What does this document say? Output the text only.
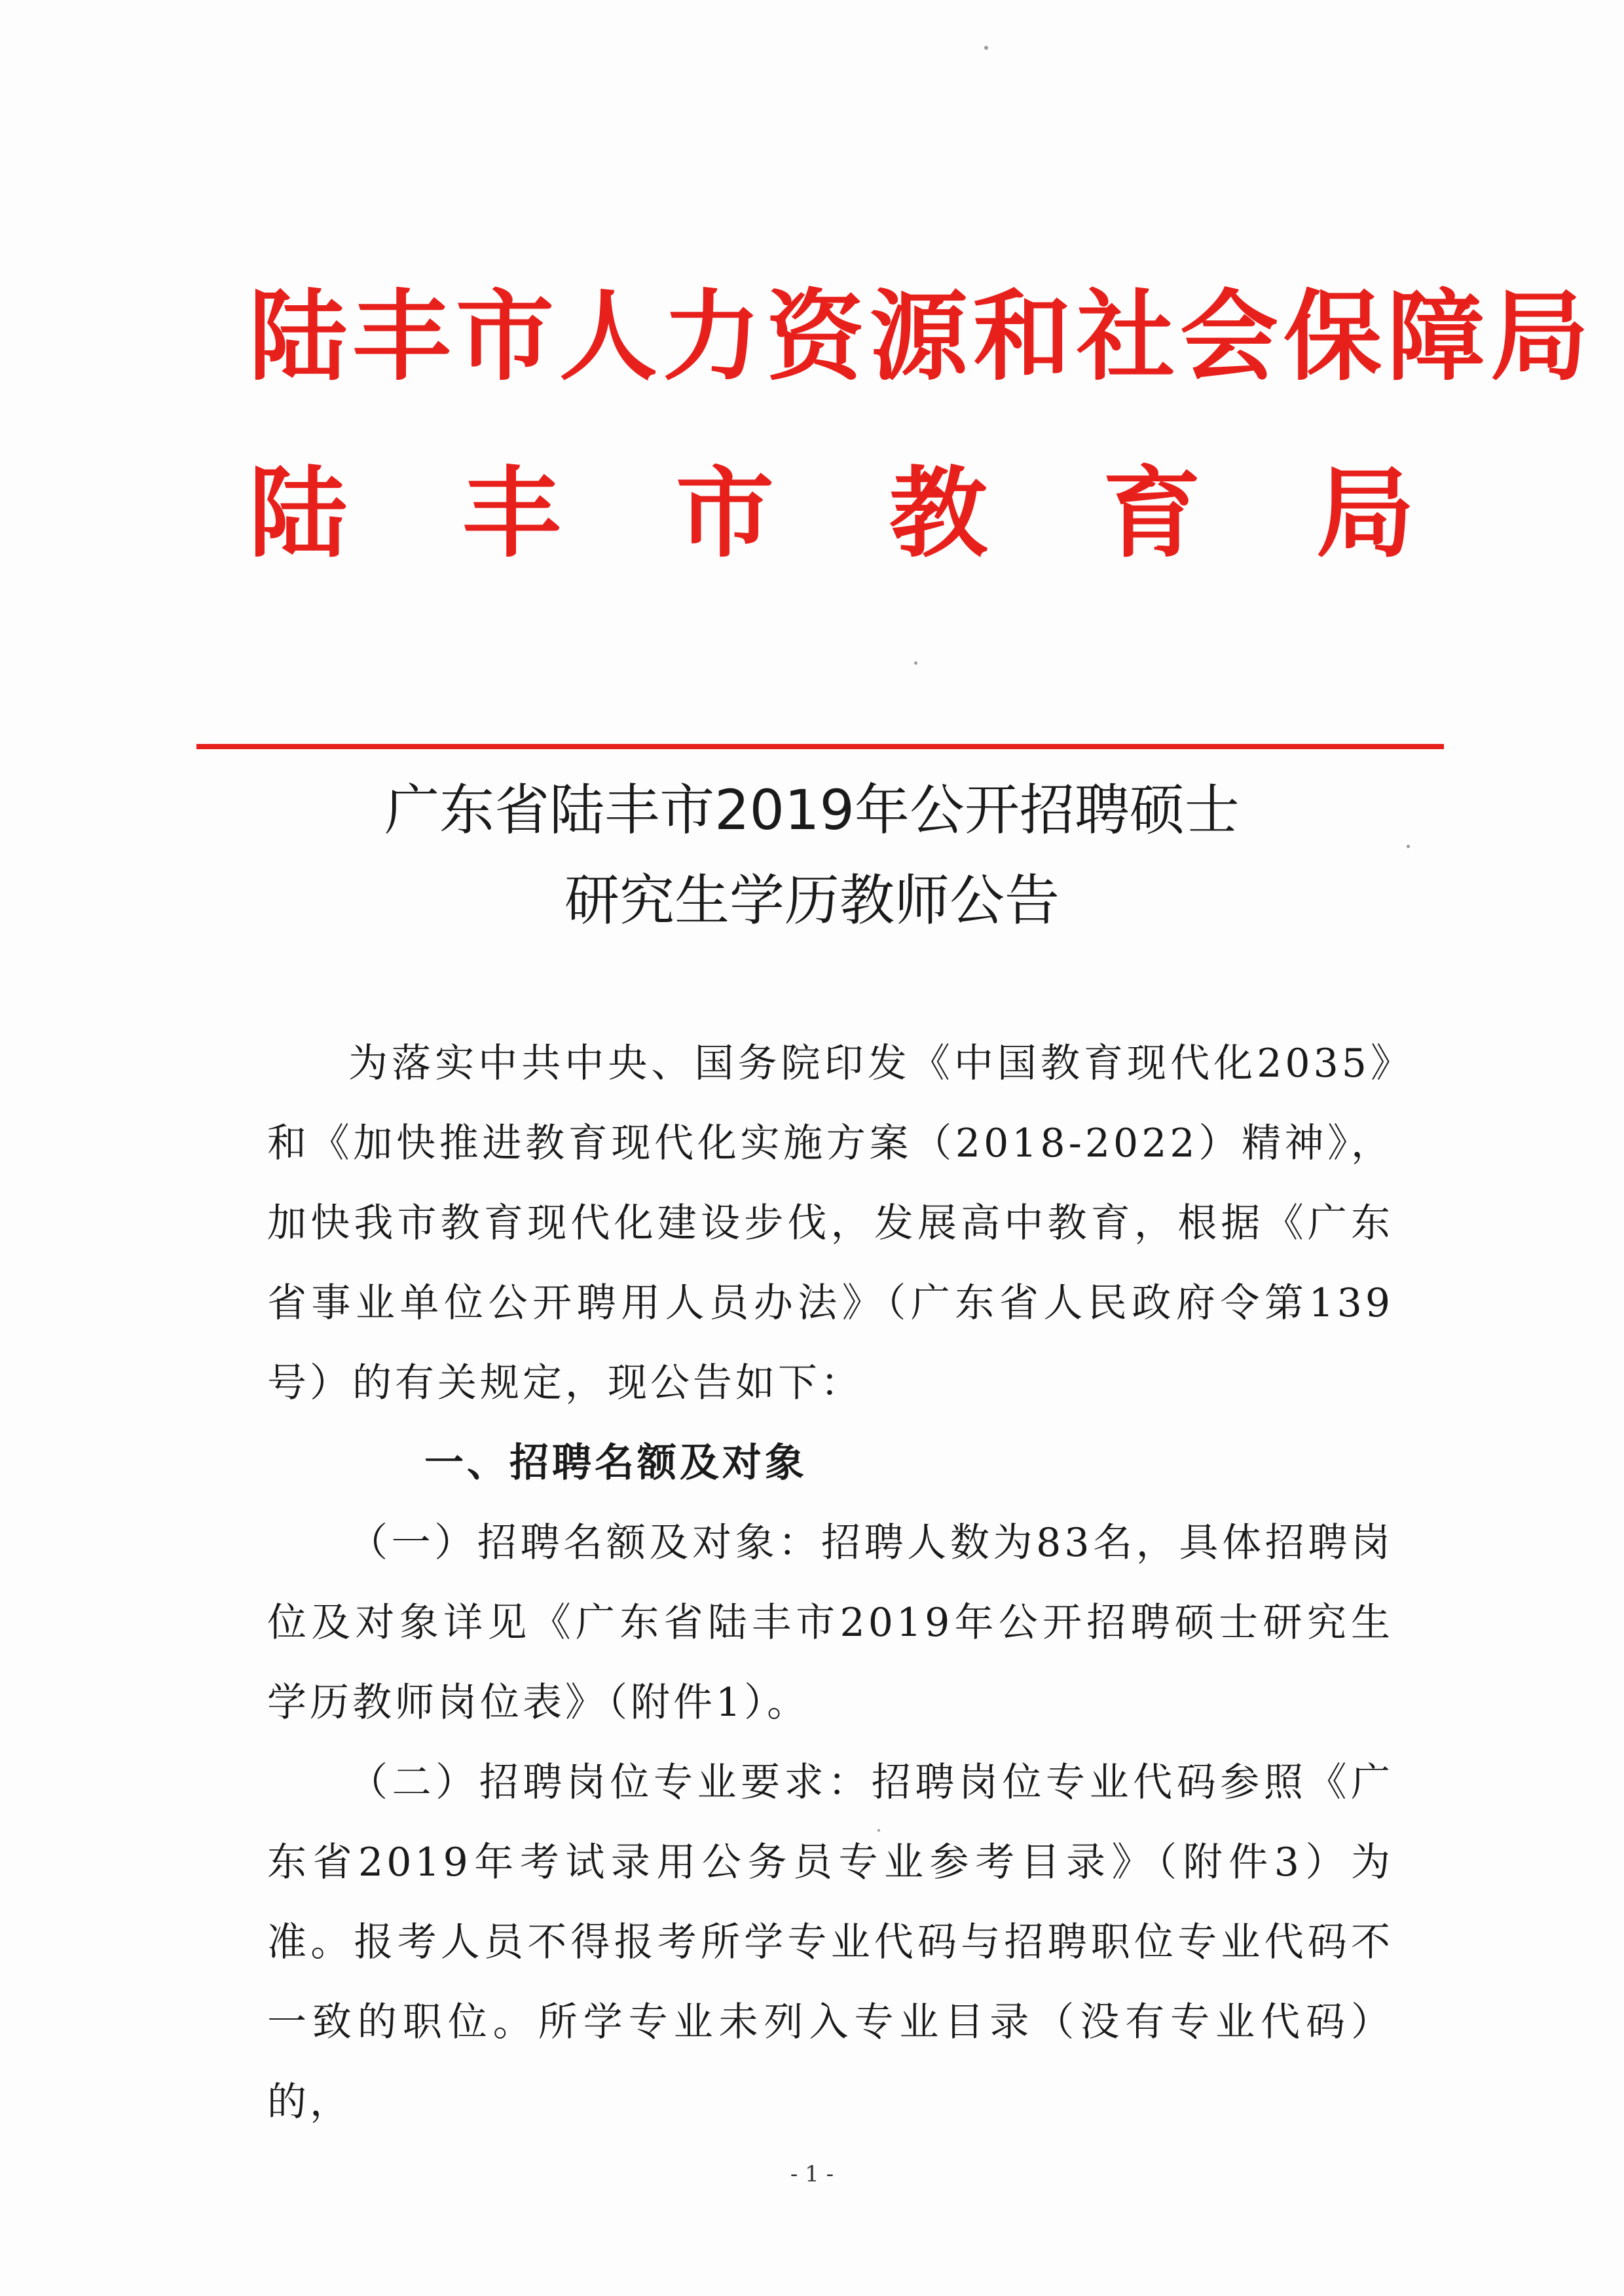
陆丰市人力资源和社会保障局
陆 丰 市 教 育 局
广东省陆丰市2019年公开招聘硕士
研究生学历教师公告

为落实中共中央、国务院印发《中国教育现代化2035》和《加快推进教育现代化实施方案（2018-2022）精神》，加快我市教育现代化建设步伐，发展高中教育，根据《广东省事业单位公开聘用人员办法》（广东省人民政府令第139号）的有关规定，现公告如下：

一、招聘名额及对象

（一）招聘名额及对象：招聘人数为83名，具体招聘岗位及对象详见《广东省陆丰市2019年公开招聘硕士研究生学历教师岗位表》（附件1）。

（二）招聘岗位专业要求：招聘岗位专业代码参照《广东省2019年考试录用公务员专业参考目录》（附件3）为准。报考人员不得报考所学专业代码与招聘职位专业代码不一致的职位。所学专业未列入专业目录（没有专业代码）的，

- 1 -
